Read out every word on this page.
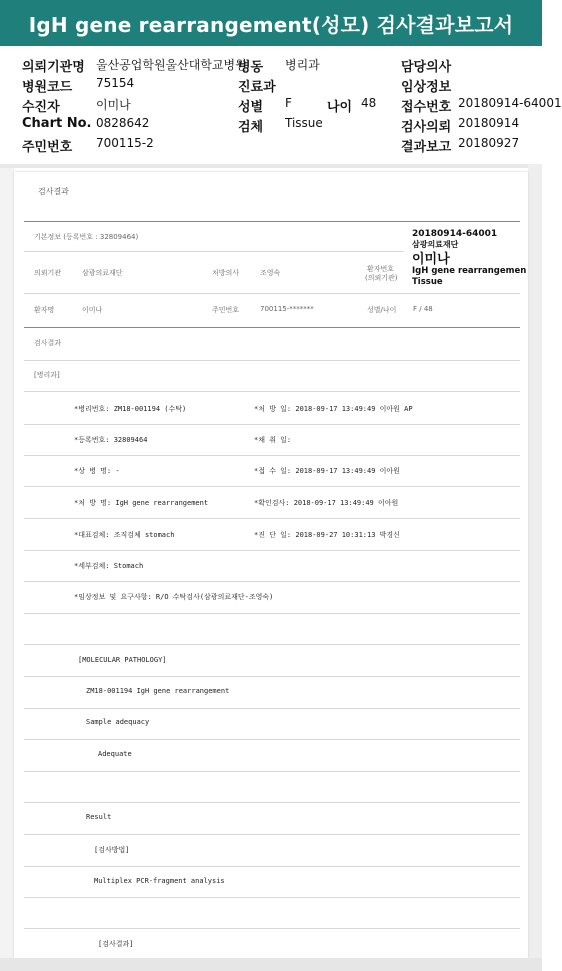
IgH gene rearrangement(성모) 검사결과보고서
의뢰기관명 울산공업학원울산대학교병원
병동 병리과	담당의사
병원코드 75154	진료과	임상정보
수진자	이미나	성별 F	나이 48 접수번호 20180914-64001
Chart No. 0828642	검체 Tissue	검사의뢰 20180914
주민번호 700115-2	결과보고 20180927
검사결과
기본정보 (등록번호 : 32809464)	20180914-64001
삼광의료재단
이미나
IgH gene rearrangemen
Tissue
의뢰기관	삼광의료재단	처방의사	조영숙	환자번호
(의뢰기관)
환자명	이미나	주민번호	700115-*******	성별/나이 F / 48
검사결과
[병리과]
*병리번호: ZM18-001194 (수탁)	*처 방 일: 2018-09-17 13:49:49 이아원 AP
*등록번호: 32809464	*채 취 일:
*상 병 명: -	*접 수 일: 2018-09-17 13:49:49 이아원
*처 방 명: IgH gene rearrangement	*확인검사: 2018-09-17 13:49:49 이아원
*대표검체: 조직검체 stomach	*진 단 일: 2018-09-27 10:31:13 박경신
*세부검체: Stomach
*임상정보 및 요구사항: R/O 수탁검사(삼광의료재단-조영숙)
[MOLECULAR PATHOLOGY]
ZM18-001194 IgH gene rearrangement
Sample adequacy
Adequate
Result
[검사방법]
Multiplex PCR-fragment analysis
[검사결과]
